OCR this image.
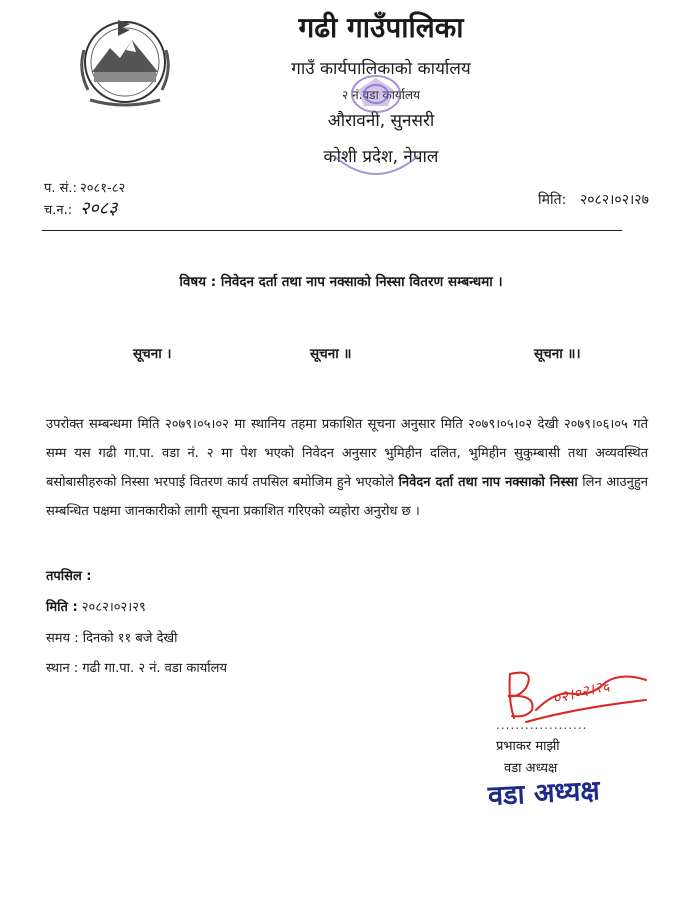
गढी गाउँपालिका
गाउँ कार्यपालिकाको कार्यालय
२ नं.वडा कार्यालय
औरावनी, सुनसरी
कोशी प्रदेश, नेपाल
प. सं.: २०८१-८२
च.न.: २०८३	मिति: २०८२।०२।२७
विषय : निवेदन दर्ता तथा नाप नक्साको निस्सा वितरण सम्बन्धमा ।
सूचना ।	सूचना ॥	सूचना ॥।
उपरोक्त सम्बन्धमा मिति २०७९।०५।०२ मा स्थानिय तहमा प्रकाशित सूचना अनुसार मिति २०७९।०५।०२ देखी २०७९।०६।०५ गते सम्म यस गढी गा.पा. वडा नं. २ मा पेश भएको निवेदन अनुसार भुमिहीन दलित, भुमिहीन सुकुम्बासी तथा अव्यवस्थित बसोबासीहरुको निस्सा भरपाई वितरण कार्य तपसिल बमोजिम हुने भएकोले निवेदन दर्ता तथा नाप नक्साको निस्सा लिन आउनुहुन सम्बन्धित पक्षमा जानकारीको लागी सूचना प्रकाशित गरिएको व्यहोरा अनुरोध छ ।
तपसिल :
मिति : २०८२।०२।२९
समय : दिनको ११ बजे देखी
स्थान : गढी गा.पा. २ नं. वडा कार्यालय
०२।०२।२६
...................
प्रभाकर माझी
वडा अध्यक्ष
वडा अध्यक्ष
